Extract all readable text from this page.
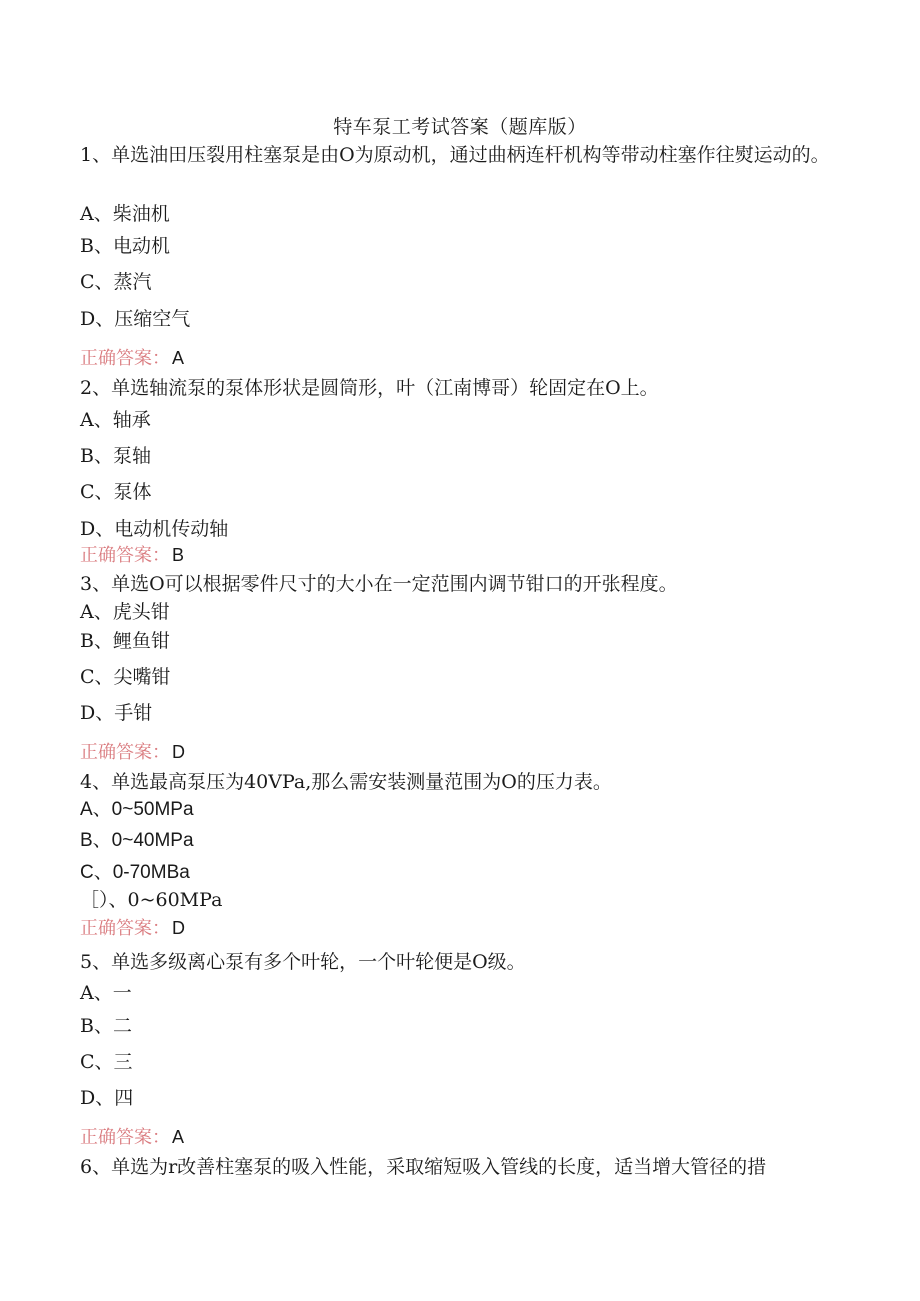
特车泵工考试答案（题库版）
1、单选油田压裂用柱塞泵是由O为原动机，通过曲柄连杆机构等带动柱塞作往熨运动的。
A、柴油机
B、电动机
C、蒸汽
D、压缩空气
正确答案： A
2、单选轴流泵的泵体形状是圆筒形，叶（江南博哥）轮固定在O上。
A、轴承
B、泵轴
C、泵体
D、电动机传动轴
正确答案： B
3、单选O可以根据零件尺寸的大小在一定范围内调节钳口的开张程度。
A、虎头钳
B、鲤鱼钳
C、尖嘴钳
D、手钳
正确答案： D
4、单选最高泵压为40VPa,那么需安装测量范围为O的压力表。
A、0~50MPa
B、0~40MPa
C、0-70MBa
［）、0~60MPa
正确答案： D
5、单选多级离心泵有多个叶轮，一个叶轮便是O级。
A、一
B、二
C、三
D、四
正确答案： A
6、单选为r改善柱塞泵的吸入性能，采取缩短吸入管线的长度，适当增大管径的措
